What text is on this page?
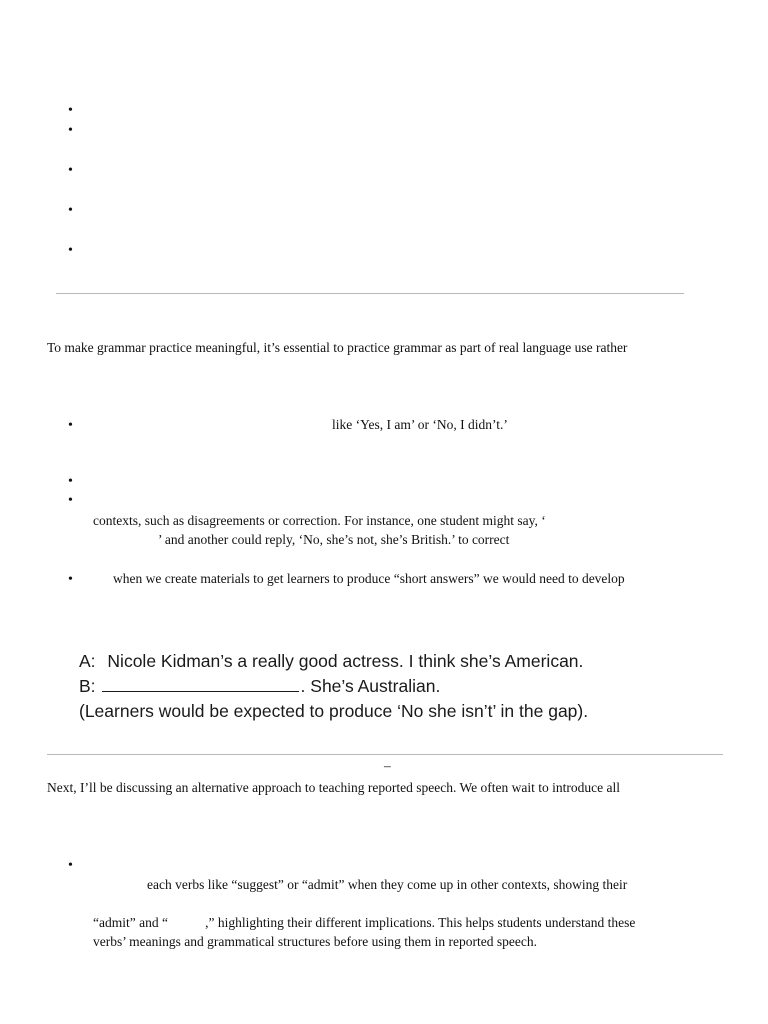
•
•
•
•
•
To make grammar practice meaningful, it’s essential to practice grammar as part of real language use rather
•	like ‘Yes, I am’ or ‘No, I didn’t.’
•
•
contexts, such as disagreements or correction. For instance, one student might say, ‘
’ and another could reply, ‘No, she’s not, she’s British.’ to correct
•	when we create materials to get learners to produce “short answers” we would need to develop
A: Nicole Kidman’s a really good actress. I think she’s American.
B:	. She’s Australian.
(Learners would be expected to produce ‘No she isn’t’ in the gap).
–
Next, I’ll be discussing an alternative approach to teaching reported speech. We often wait to introduce all
•
each verbs like “suggest” or “admit” when they come up in other contexts, showing their
“admit” and “           ,” highlighting their different implications. This helps students understand these
verbs’ meanings and grammatical structures before using them in reported speech.
